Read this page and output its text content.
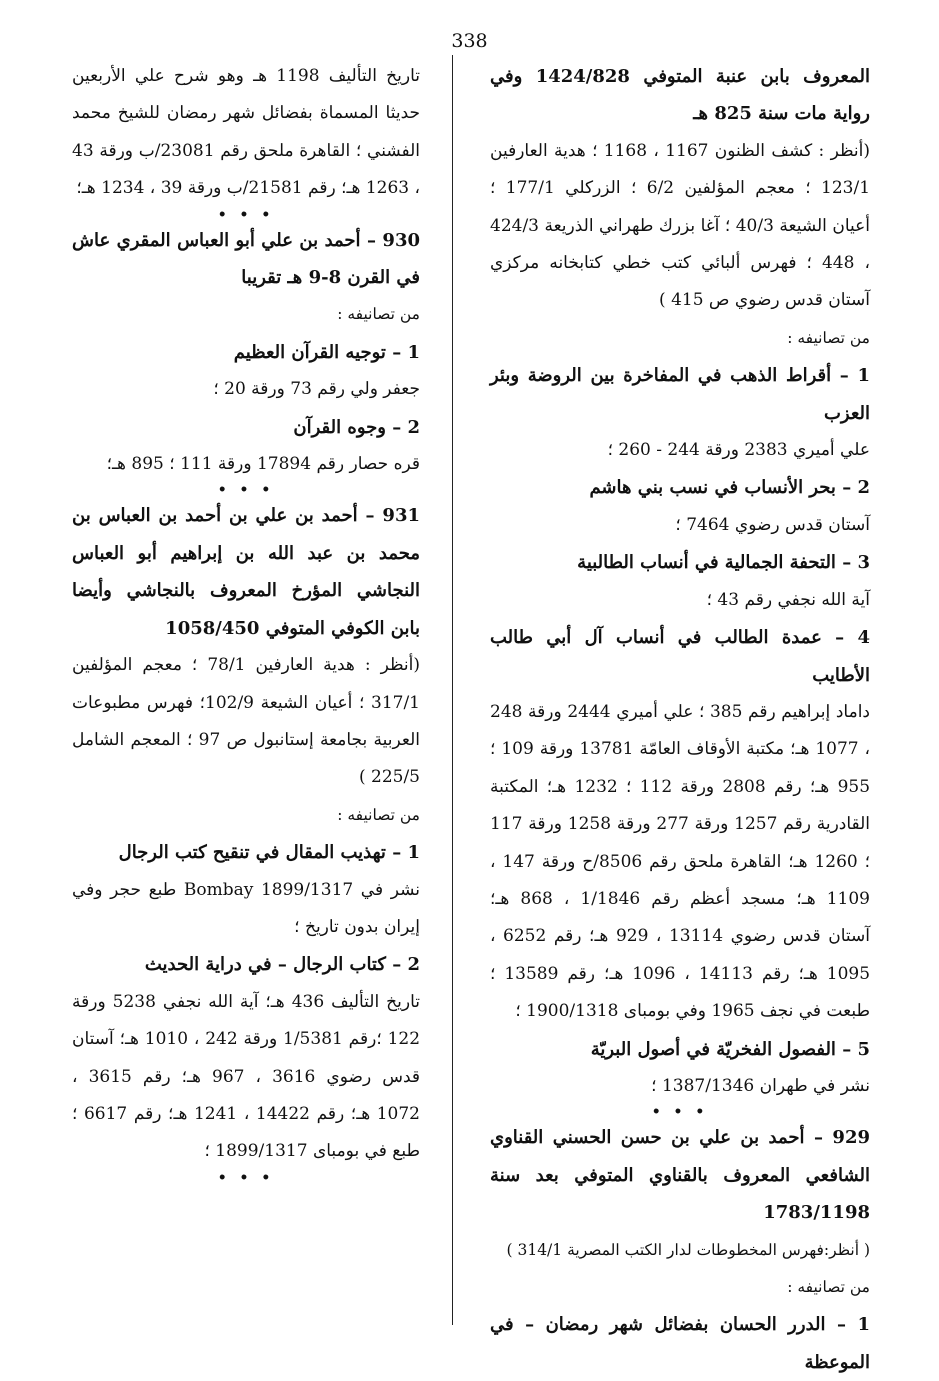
338

المعروف بابن عنبة المتوفي 1424/828 وفي رواية مات سنة 825 هـ

(أنظر : كشف الظنون 1167 ، 1168 ؛ هدية العارفين 123/1 ؛ معجم المؤلفين 6/2 ؛ الزركلي 177/1 ؛ أعيان الشيعة 40/3 ؛ آغا بزرك طهراني الذريعة 424/3 ، 448 ؛ فهرس ألبائي كتب خطي كتابخانه مركزي آستان قدس رضوي ص 415 )

من تصانيفه :

1 – أقراط الذهب في المفاخرة بين الروضة وبئر العزب

علي أميري 2383 ورقة 244 - 260 ؛

2 – بحر الأنساب في نسب بني هاشم

آستان قدس رضوي 7464 ؛

3 – التحفة الجمالية في أنساب الطالبية

آية الله نجفي رقم 43 ؛

4 – عمدة الطالب في أنساب آل أبي طالب الأطايب

داماد إبراهيم رقم 385 ؛ علي أميري 2444 ورقة 248 ، 1077 هـ؛ مكتبة الأوقاف العامّة 13781 ورقة 109 ؛ 955 هـ؛ رقم 2808 ورقة 112 ؛ 1232 هـ؛ المكتبة القادرية رقم 1257 ورقة 277 ورقة 1258 ورقة 117 ؛ 1260 هـ؛ القاهرة ملحق رقم 8506/ح ورقة 147 ، 1109 هـ؛ مسجد أعظم رقم 1/1846 ، 868 هـ؛ آستان قدس رضوي 13114 ، 929 هـ؛ رقم 6252 ، 1095 هـ؛ رقم 14113 ، 1096 هـ؛ رقم 13589 ؛ طبعت في نجف 1965 وفي بومباى 1900/1318 ؛

5 – الفصول الفخريّة في أصول البريّة

نشر في طهران 1387/1346 ؛

• • •

929 – أحمد بن علي بن حسن الحسني القناوي الشافعي المعروف بالقناوي المتوفي بعد سنة 1783/1198

( أنظر:فهرس المخطوطات لدار الكتب المصرية 314/1 )

من تصانيفه :

1 – الدرر الحسان بفضائل شهر رمضان – في الموعظة

تاريخ التأليف 1198 هـ وهو شرح علي الأربعين حديثا المسماة بفضائل شهر رمضان للشيخ محمد الفشني ؛ القاهرة ملحق رقم 23081/ب ورقة 43 ، 1263 هـ؛ رقم 21581/ب ورقة 39 ، 1234 هـ؛

• • •

930 – أحمد بن علي أبو العباس المقري عاش في القرن 8-9 هـ تقريبا

من تصانيفه :

1 – توجيه القرآن العظيم

جعفر ولي رقم 73 ورقة 20 ؛

2 – وجوه القرآن

قره حصار رقم 17894 ورقة 111 ؛ 895 هـ؛

• • •

931 – أحمد بن علي بن أحمد بن العباس بن محمد بن عبد الله بن إبراهيم أبو العباس النجاشي المؤرخ المعروف بالنجاشي وأيضا بابن الكوفي المتوفي 1058/450

(أنظر : هدية العارفين 78/1 ؛ معجم المؤلفين 317/1 ؛ أعيان الشيعة 102/9؛ فهرس مطبوعات العربية بجامعة إستانبول ص 97 ؛ المعجم الشامل 225/5 )

من تصانيفه :

1 – تهذيب المقال في تنقيح كتب الرجال

نشر في Bombay 1899/1317 طبع حجر وفي إيران بدون تاريخ ؛

2 – كتاب الرجال – في دراية الحديث

تاريخ التأليف 436 هـ؛ آية الله نجفي 5238 ورقة 122 ؛رقم 1/5381 ورقة 242 ، 1010 هـ؛ آستان قدس رضوي 3616 ، 967 هـ؛ رقم 3615 ، 1072 هـ؛ رقم 14422 ، 1241 هـ؛ رقم 6617 ؛ طبع في بومباى 1899/1317 ؛

• • •
